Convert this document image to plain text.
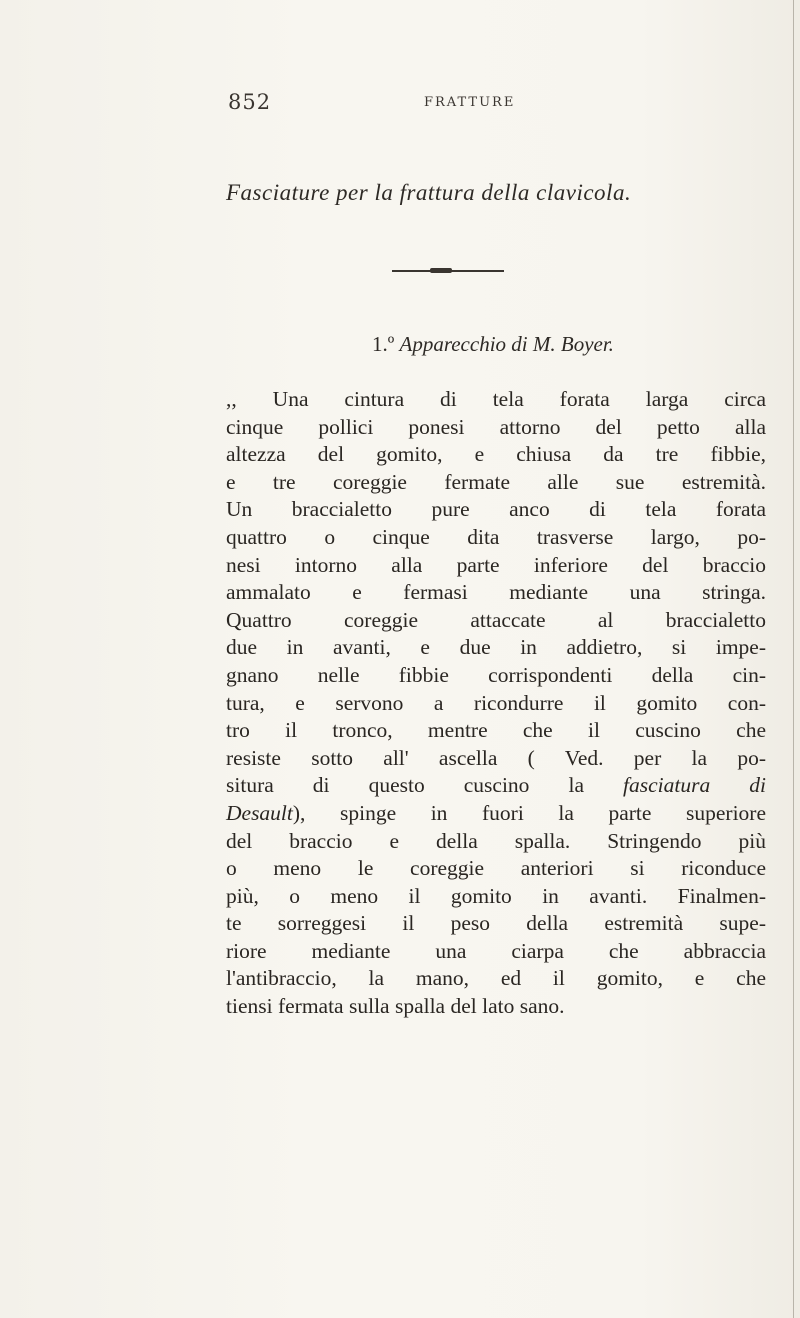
852	FRATTURE
Fasciature per la frattura della clavicola.
1.º Apparecchio di M. Boyer.
,, Una cintura di tela forata larga circa
cinque pollici ponesi attorno del petto alla
altezza del gomito, e chiusa da tre fibbie,
e tre coreggie fermate alle sue estremità.
Un braccialetto pure anco di tela forata
quattro o cinque dita trasverse largo, po-
nesi intorno alla parte inferiore del braccio
ammalato e fermasi mediante una stringa.
Quattro coreggie attaccate al braccialetto
due in avanti, e due in addietro, si impe-
gnano nelle fibbie corrispondenti della cin-
tura, e servono a ricondurre il gomito con-
tro il tronco, mentre che il cuscino che
resiste sotto all' ascella ( Ved. per la po-
situra di questo cuscino la fasciatura di
Desault), spinge in fuori la parte superiore
del braccio e della spalla. Stringendo più
o meno le coreggie anteriori si riconduce
più, o meno il gomito in avanti. Finalmen-
te sorreggesi il peso della estremità supe-
riore mediante una ciarpa che abbraccia
l'antibraccio, la mano, ed il gomito, e che
tiensi fermata sulla spalla del lato sano.
